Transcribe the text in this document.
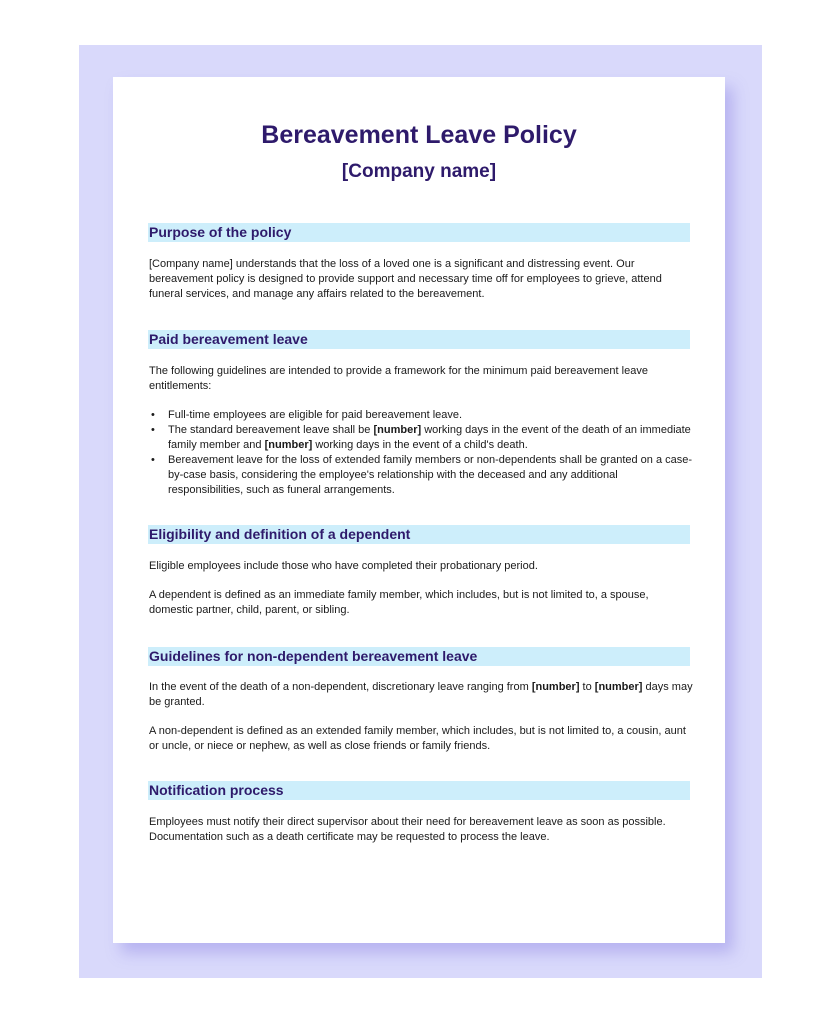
Bereavement Leave Policy
[Company name]
Purpose of the policy
[Company name] understands that the loss of a loved one is a significant and distressing event. Our bereavement policy is designed to provide support and necessary time off for employees to grieve, attend funeral services, and manage any affairs related to the bereavement.
Paid bereavement leave
The following guidelines are intended to provide a framework for the minimum paid bereavement leave entitlements:
• Full-time employees are eligible for paid bereavement leave.
• The standard bereavement leave shall be [number] working days in the event of the death of an immediate family member and [number] working days in the event of a child's death.
• Bereavement leave for the loss of extended family members or non-dependents shall be granted on a case-by-case basis, considering the employee's relationship with the deceased and any additional responsibilities, such as funeral arrangements.
Eligibility and definition of a dependent
Eligible employees include those who have completed their probationary period.
A dependent is defined as an immediate family member, which includes, but is not limited to, a spouse, domestic partner, child, parent, or sibling.
Guidelines for non-dependent bereavement leave
In the event of the death of a non-dependent, discretionary leave ranging from [number] to [number] days may be granted.
A non-dependent is defined as an extended family member, which includes, but is not limited to, a cousin, aunt or uncle, or niece or nephew, as well as close friends or family friends.
Notification process
Employees must notify their direct supervisor about their need for bereavement leave as soon as possible. Documentation such as a death certificate may be requested to process the leave.
